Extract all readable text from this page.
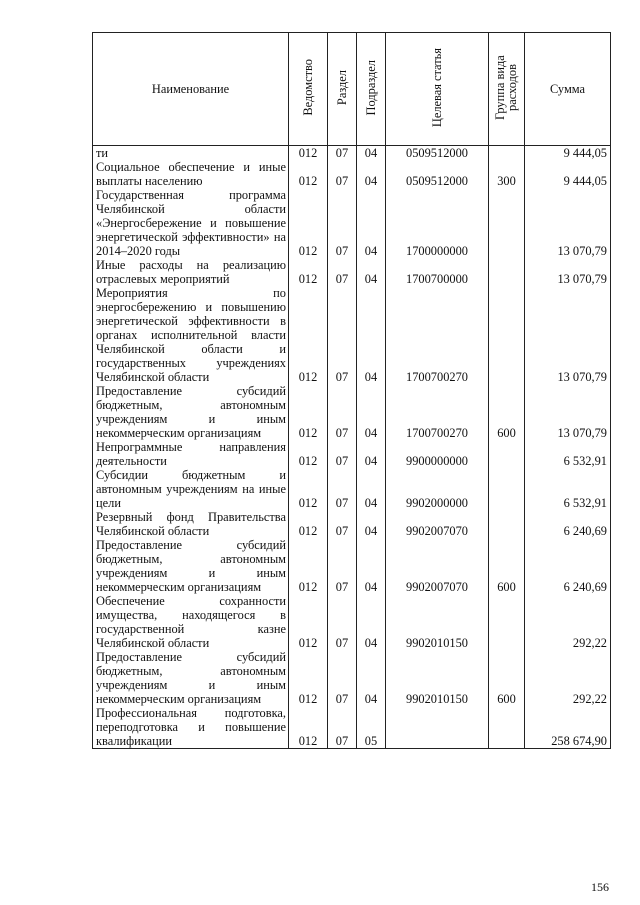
Наименование	Ведомство	Раздел	Подраздел	Целевая статья	Группа вида расходов	Сумма
ти	012	07	04	0509512000		9 444,05
Социальное обеспечение и иные выплаты населению	012	07	04	0509512000	300	9 444,05
Государственная программа Челябинской области «Энергосбережение и повышение энергетической эффективности» на 2014–2020 годы	012	07	04	1700000000		13 070,79
Иные расходы на реализацию отраслевых мероприятий	012	07	04	1700700000		13 070,79
Мероприятия по энергосбережению и повышению энергетической эффективности в органах исполнительной власти Челябинской области и государственных учреждениях Челябинской области	012	07	04	1700700270		13 070,79
Предоставление субсидий бюджетным, автономным учреждениям и иным некоммерческим организациям	012	07	04	1700700270	600	13 070,79
Непрограммные направления деятельности	012	07	04	9900000000		6 532,91
Субсидии бюджетным и автономным учреждениям на иные цели	012	07	04	9902000000		6 532,91
Резервный фонд Правительства Челябинской области	012	07	04	9902007070		6 240,69
Предоставление субсидий бюджетным, автономным учреждениям и иным некоммерческим организациям	012	07	04	9902007070	600	6 240,69
Обеспечение сохранности имущества, находящегося в государственной казне Челябинской области	012	07	04	9902010150		292,22
Предоставление субсидий бюджетным, автономным учреждениям и иным некоммерческим организациям	012	07	04	9902010150	600	292,22
Профессиональная подготовка, переподготовка и повышение квалификации	012	07	05			258 674,90
156
